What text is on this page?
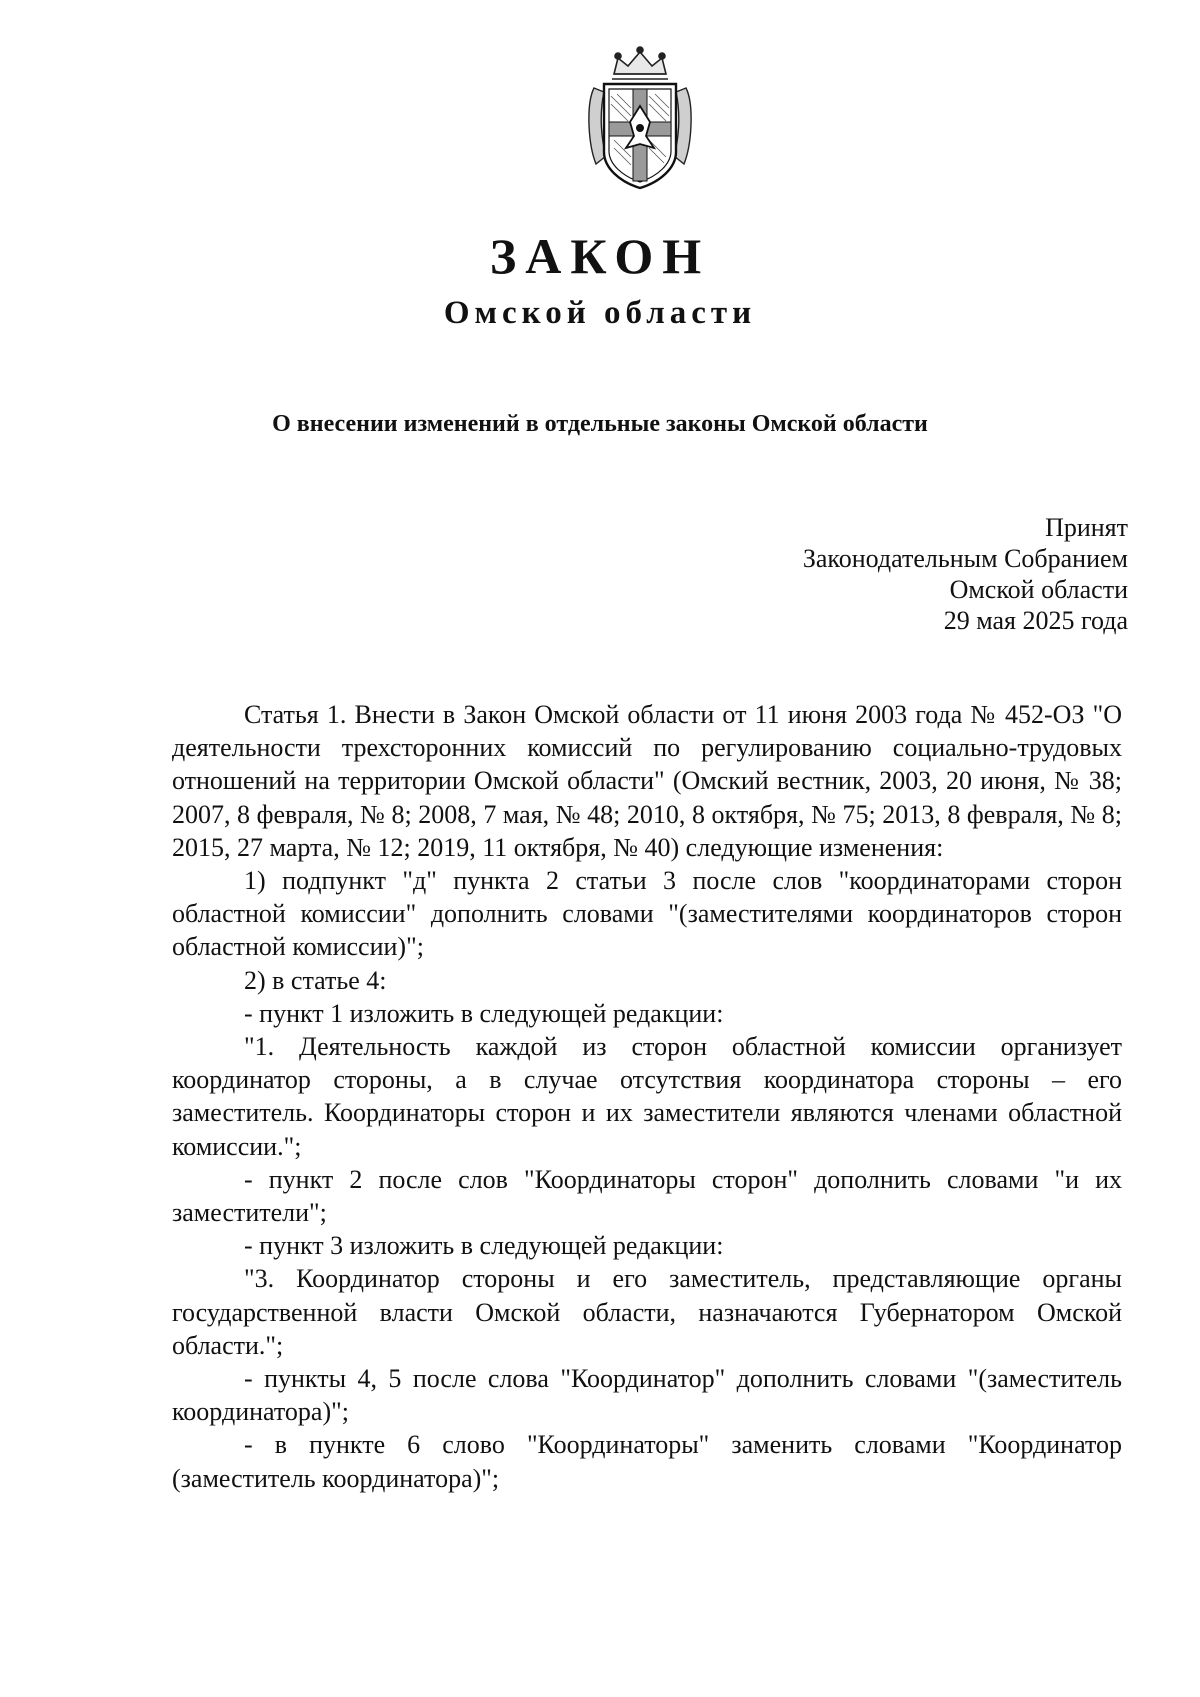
ЗАКОН
Омской области
О внесении изменений в отдельные законы Омской области
Принят
Законодательным Собранием
Омской области
29 мая 2025 года

Статья 1. Внести в Закон Омской области от 11 июня 2003 года № 452-ОЗ "О деятельности трехсторонних комиссий по регулированию социально-трудовых отношений на территории Омской области" (Омский вестник, 2003, 20 июня, № 38; 2007, 8 февраля, № 8; 2008, 7 мая, № 48; 2010, 8 октября, № 75; 2013, 8 февраля, № 8; 2015, 27 марта, № 12; 2019, 11 октября, № 40) следующие изменения:

1) подпункт "д" пункта 2 статьи 3 после слов "координаторами сторон областной комиссии" дополнить словами "(заместителями координаторов сторон областной комиссии)";

2) в статье 4:

- пункт 1 изложить в следующей редакции:

"1. Деятельность каждой из сторон областной комиссии организует координатор стороны, а в случае отсутствия координатора стороны – его заместитель. Координаторы сторон и их заместители являются членами областной комиссии.";

- пункт 2 после слов "Координаторы сторон" дополнить словами "и их заместители";

- пункт 3 изложить в следующей редакции:

"3. Координатор стороны и его заместитель, представляющие органы государственной власти Омской области, назначаются Губернатором Омской области.";

- пункты 4, 5 после слова "Координатор" дополнить словами "(заместитель координатора)";

- в пункте 6 слово "Координаторы" заменить словами "Координатор (заместитель координатора)";
